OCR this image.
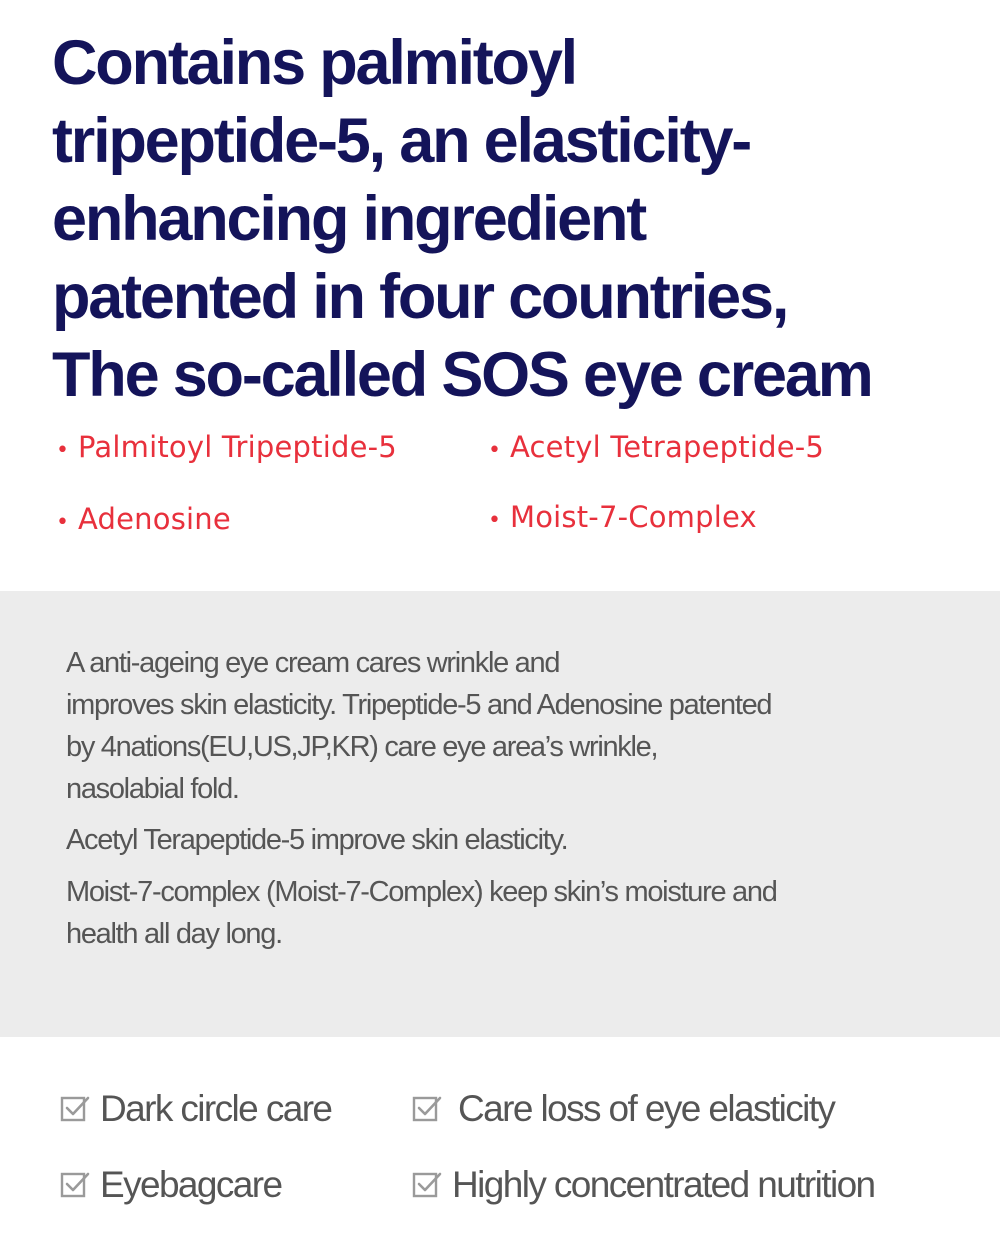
Contains palmitoyl
tripeptide-5, an elasticity-
enhancing ingredient
patented in four countries,
The so-called SOS eye cream
• Palmitoyl Tripeptide-5	• Acetyl Tetrapeptide-5
• Adenosine	• Moist-7-Complex

A anti-ageing eye cream cares wrinkle and
improves skin elasticity. Tripeptide-5 and Adenosine patented
by 4nations(EU,US,JP,KR) care eye area’s wrinkle,
nasolabial fold.

Acetyl Terapeptide-5 improve skin elasticity.

Moist-7-complex (Moist-7-Complex) keep skin’s moisture and
health all day long.

Dark circle care	Care loss of eye elasticity
Eyebagcare	Highly concentrated nutrition
